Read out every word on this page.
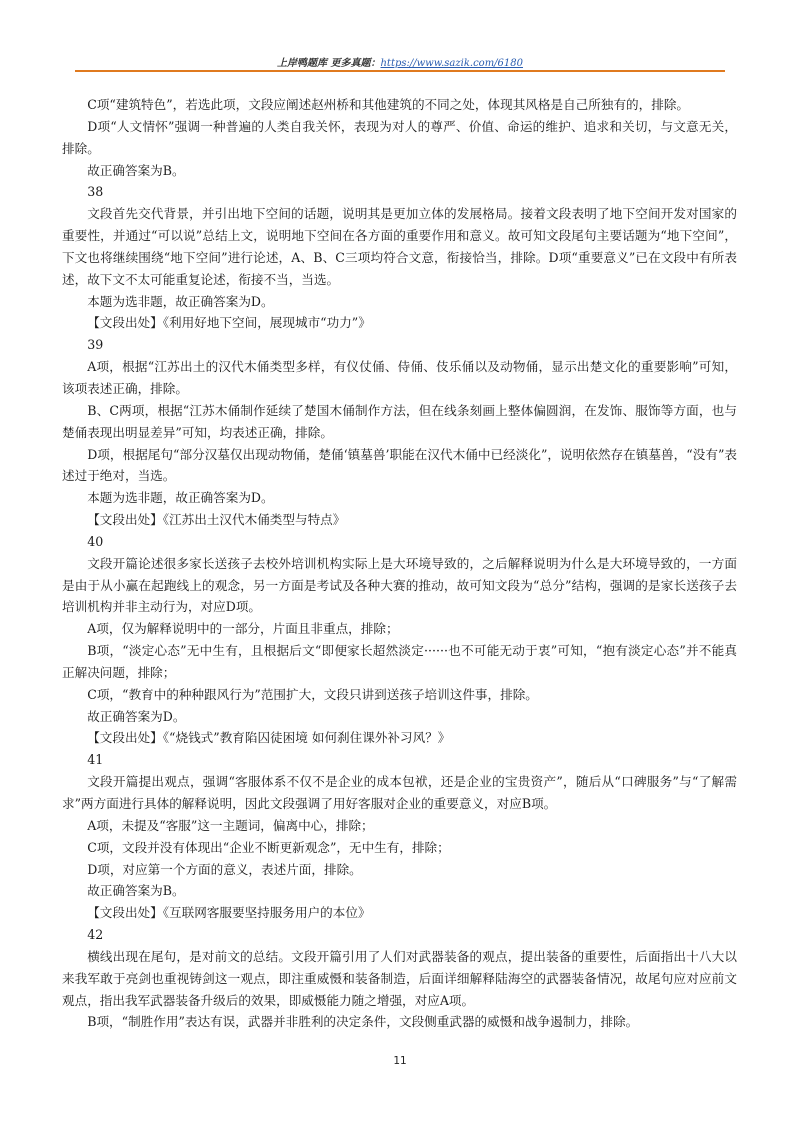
上岸鸭题库 更多真题：https://www.sazik.com/6180

C项“建筑特色”，若选此项，文段应阐述赵州桥和其他建筑的不同之处，体现其风格是自己所独有的，排除。

D项“人文情怀”强调一种普遍的人类自我关怀，表现为对人的尊严、价值、命运的维护、追求和关切，与文意无关，排除。

故正确答案为B。

38

文段首先交代背景，并引出地下空间的话题，说明其是更加立体的发展格局。接着文段表明了地下空间开发对国家的重要性，并通过“可以说”总结上文，说明地下空间在各方面的重要作用和意义。故可知文段尾句主要话题为“地下空间”，下文也将继续围绕“地下空间”进行论述，A、B、C三项均符合文意，衔接恰当，排除。D项“重要意义”已在文段中有所表述，故下文不太可能重复论述，衔接不当，当选。

本题为选非题，故正确答案为D。

【文段出处】《利用好地下空间，展现城市“功力”》

39

A项，根据“江苏出土的汉代木俑类型多样，有仪仗俑、侍俑、伎乐俑以及动物俑，显示出楚文化的重要影响”可知，该项表述正确，排除。

B、C两项，根据“江苏木俑制作延续了楚国木俑制作方法，但在线条刻画上整体偏圆润，在发饰、服饰等方面，也与楚俑表现出明显差异”可知，均表述正确，排除。

D项，根据尾句“部分汉墓仅出现动物俑，楚俑‘镇墓兽’职能在汉代木俑中已经淡化”，说明依然存在镇墓兽，“没有”表述过于绝对，当选。

本题为选非题，故正确答案为D。

【文段出处】《江苏出土汉代木俑类型与特点》

40

文段开篇论述很多家长送孩子去校外培训机构实际上是大环境导致的，之后解释说明为什么是大环境导致的，一方面是由于从小赢在起跑线上的观念，另一方面是考试及各种大赛的推动，故可知文段为“总分”结构，强调的是家长送孩子去培训机构并非主动行为，对应D项。

A项，仅为解释说明中的一部分，片面且非重点，排除；

B项，“淡定心态”无中生有，且根据后文“即便家长超然淡定······也不可能无动于衷”可知，“抱有淡定心态”并不能真正解决问题，排除；

C项，“教育中的种种跟风行为”范围扩大，文段只讲到送孩子培训这件事，排除。

故正确答案为D。

【文段出处】《“烧钱式”教育陷囚徒困境 如何刹住课外补习风？》

41

文段开篇提出观点，强调“客服体系不仅不是企业的成本包袱，还是企业的宝贵资产”，随后从“口碑服务”与“了解需求”两方面进行具体的解释说明，因此文段强调了用好客服对企业的重要意义，对应B项。

A项，未提及“客服”这一主题词，偏离中心，排除；

C项，文段并没有体现出“企业不断更新观念”，无中生有，排除；

D项，对应第一个方面的意义，表述片面，排除。

故正确答案为B。

【文段出处】《互联网客服要坚持服务用户的本位》

42

横线出现在尾句，是对前文的总结。文段开篇引用了人们对武器装备的观点，提出装备的重要性，后面指出十八大以来我军敢于亮剑也重视铸剑这一观点，即注重威慑和装备制造，后面详细解释陆海空的武器装备情况，故尾句应对应前文观点，指出我军武器装备升级后的效果，即威慑能力随之增强，对应A项。

B项，“制胜作用”表达有误，武器并非胜利的决定条件，文段侧重武器的威慑和战争遏制力，排除。

11
